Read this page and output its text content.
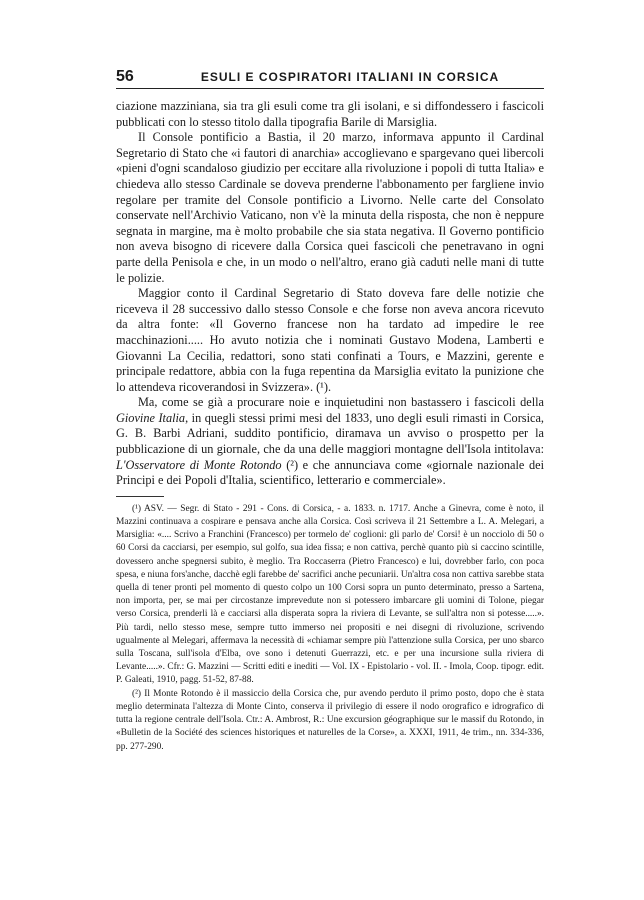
56	ESULI E COSPIRATORI ITALIANI IN CORSICA

ciazione mazziniana, sia tra gli esuli come tra gli isolani, e si diffondessero i fascicoli pubblicati con lo stesso titolo dalla tipografia Barile di Marsiglia.

Il Console pontificio a Bastia, il 20 marzo, informava appunto il Cardinal Segretario di Stato che «i fautori di anarchia» accoglievano e spargevano quei libercoli «pieni d'ogni scandaloso giudizio per eccitare alla rivoluzione i popoli di tutta Italia» e chiedeva allo stesso Cardinale se doveva prenderne l'abbonamento per fargliene invio regolare per tramite del Console pontificio a Livorno. Nelle carte del Consolato conservate nell'Archivio Vaticano, non v'è la minuta della risposta, che non è neppure segnata in margine, ma è molto probabile che sia stata negativa. Il Governo pontificio non aveva bisogno di ricevere dalla Corsica quei fascicoli che penetravano in ogni parte della Penisola e che, in un modo o nell'altro, erano già caduti nelle mani di tutte le polizie.

Maggior conto il Cardinal Segretario di Stato doveva fare delle notizie che riceveva il 28 successivo dallo stesso Console e che forse non aveva ancora ricevuto da altra fonte: «Il Governo francese non ha tardato ad impedire le ree macchinazioni..... Ho avuto notizia che i nominati Gustavo Modena, Lamberti e Giovanni La Cecilia, redattori, sono stati confinati a Tours, e Mazzini, gerente e principale redattore, abbia con la fuga repentina da Marsiglia evitato la punizione che lo attendeva ricoverandosi in Svizzera». (¹).

Ma, come se già a procurare noie e inquietudini non bastassero i fascicoli della Giovine Italia, in quegli stessi primi mesi del 1833, uno degli esuli rimasti in Corsica, G. B. Barbi Adriani, suddito pontificio, diramava un avviso o prospetto per la pubblicazione di un giornale, che da una delle maggiori montagne dell'Isola intitolava: L'Osservatore di Monte Rotondo (²) e che annunciava come «giornale nazionale dei Principi e dei Popoli d'Italia, scientifico, letterario e commerciale».

(¹) ASV. — Segr. di Stato - 291 - Cons. di Corsica, - a. 1833. n. 1717. Anche a Ginevra, come è noto, il Mazzini continuava a cospirare e pensava anche alla Corsica. Così scriveva il 21 Settembre a L. A. Melegari, a Marsiglia: «.... Scrivo a Franchini (Francesco) per tormelo de' coglioni: gli parlo de' Corsi! è un nocciolo di 50 o 60 Corsi da cacciarsi, per esempio, sul golfo, sua idea fissa; e non cattiva, perchè quanto più si caccino scintille, dovessero anche spegnersi subito, è meglio. Tra Roccaserra (Pietro Francesco) e lui, dovrebber farlo, con poca spesa, e niuna fors'anche, dacchè egli farebbe de' sacrifici anche pecuniarii. Un'altra cosa non cattiva sarebbe stata quella di tener pronti pel momento di questo colpo un 100 Corsi sopra un punto determinato, presso a Sartena, non importa, per, se mai per circostanze imprevedute non si potessero imbarcare gli uomini di Tolone, piegar verso Corsica, prenderli là e cacciarsi alla disperata sopra la riviera di Levante, se sull'altra non si potesse.....». Più tardi, nello stesso mese, sempre tutto immerso nei propositi e nei disegni di rivoluzione, scrivendo ugualmente al Melegari, affermava la necessità di «chiamar sempre più l'attenzione sulla Corsica, per uno sbarco sulla Toscana, sull'isola d'Elba, ove sono i detenuti Guerrazzi, etc. e per una incursione sulla riviera di Levante.....». Cfr.: G. Mazzini — Scritti editi e inediti — Vol. IX - Epistolario - vol. II. - Imola, Coop. tipogr. edit. P. Galeati, 1910, pagg. 51-52, 87-88.

(²) Il Monte Rotondo è il massiccio della Corsica che, pur avendo perduto il primo posto, dopo che è stata meglio determinata l'altezza di Monte Cinto, conserva il privilegio di essere il nodo orografico e idrografico di tutta la regione centrale dell'Isola. Ctr.: A. Ambrost, R.: Une excursion géographique sur le massif du Rotondo, in «Bulletin de la Société des sciences historiques et naturelles de la Corse», a. XXXI, 1911, 4e trim., nn. 334-336, pp. 277-290.
